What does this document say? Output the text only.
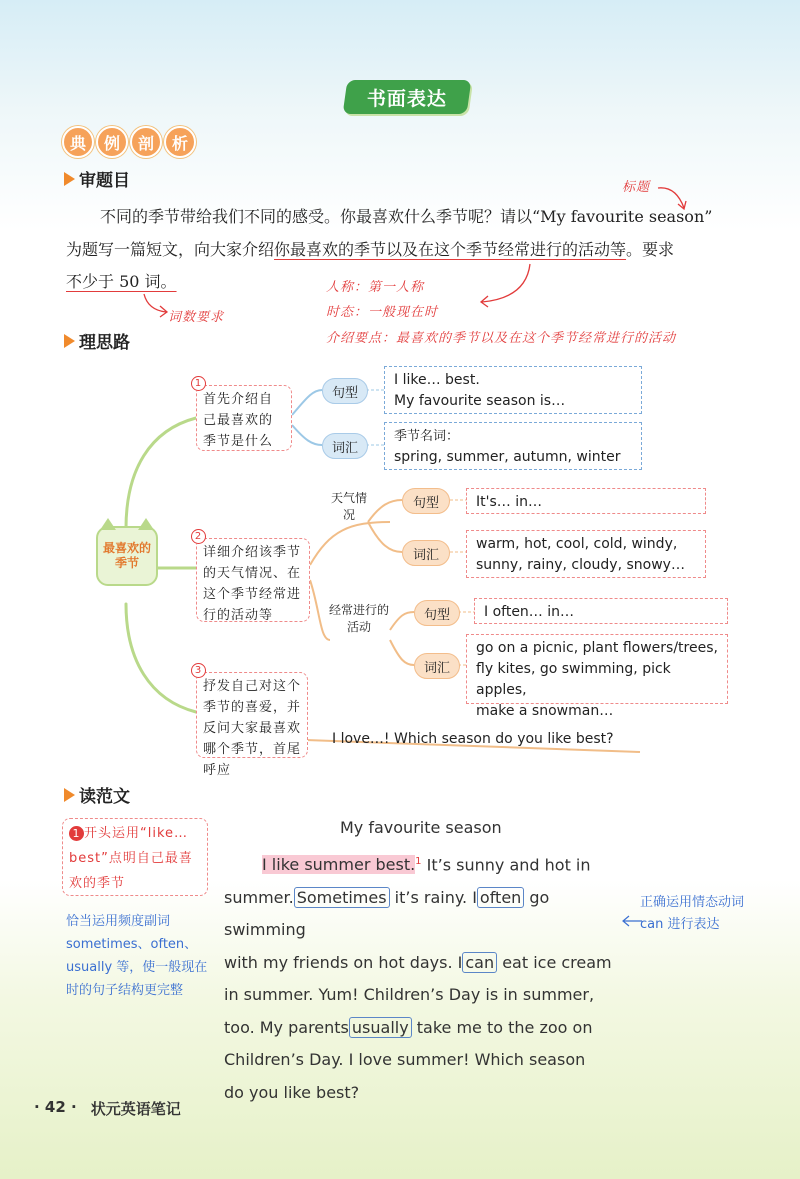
书面表达
典	例	剖	析
审题目	标题
不同的季节带给我们不同的感受。你最喜欢什么季节呢？请以“My favourite season”
为题写一篇短文，向大家介绍你最喜欢的季节以及在这个季节经常进行的活动等。要求
不少于 50 词。	人称：第一人称
时态：一般现在时
介绍要点：最喜欢的季节以及在这个季节经常进行的活动
词数要求
理思路
最喜欢的季节
1
首先介绍自己最喜欢的季节是什么
句型
I like… best.
My favourite season is…
词汇
季节名词：
spring, summer, autumn, winter
2
详细介绍该季节的天气情况、在这个季节经常进行的活动等
天气情况
句型	It's… in…
词汇
warm, hot, cool, cold, windy,
sunny, rainy, cloudy, snowy…
经常进行的活动
句型	I often… in…
词汇
go on a picnic, plant flowers/trees,
fly kites, go swimming, pick apples,
make a snowman…
3
抒发自己对这个季节的喜爱，并反问大家最喜欢哪个季节，首尾呼应
I love…! Which season do you like best?
读范文
1 开头运用“like… best”点明自己最喜欢的季节
恰当运用频度副词 sometimes、often、usually 等，使一般现在时的句子结构更完整
正确运用情态动词 can 进行表达
My favourite season
I like summer best.$^1$ It’s sunny and hot in
summer. Sometimes it’s rainy. I often go swimming
with my friends on hot days. I can eat ice cream
in summer. Yum! Children’s Day is in summer,
too. My parents usually take me to the zoo on
Children’s Day. I love summer! Which season
do you like best?
· 42 · 状元英语笔记
